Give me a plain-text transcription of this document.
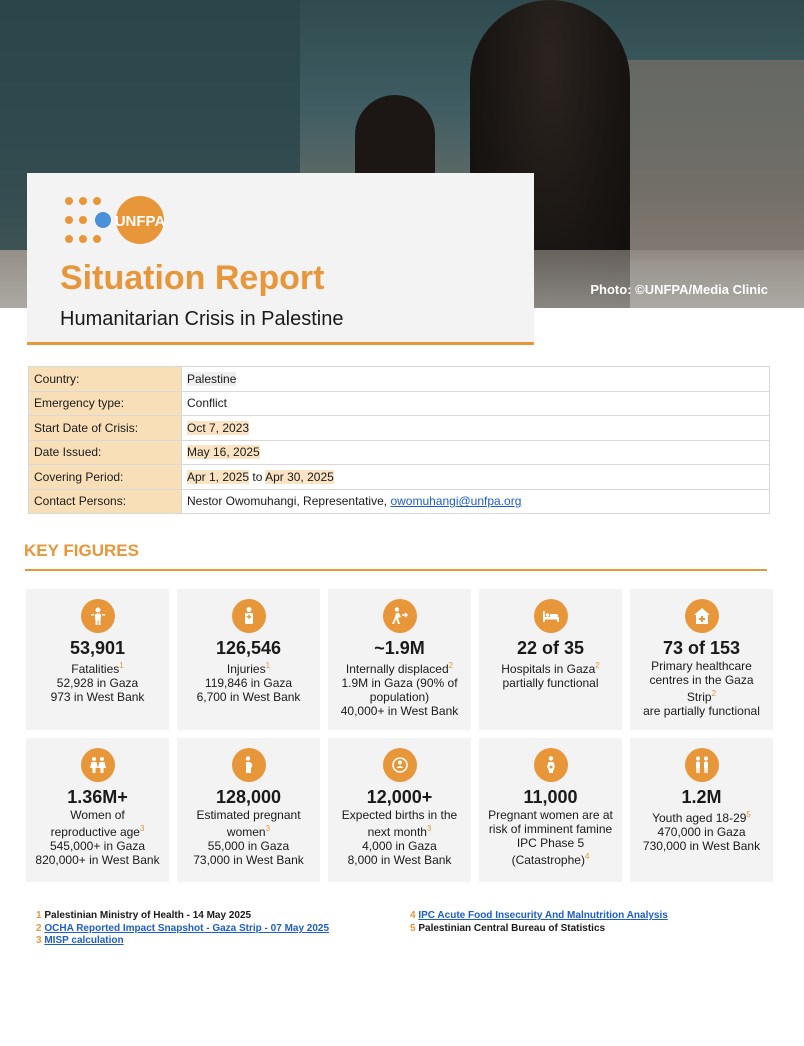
Photo: ©UNFPA/Media Clinic
UNFPA
Situation Report
Humanitarian Crisis in Palestine
Country:	Palestine
Emergency type:	Conflict
Start Date of Crisis:	Oct 7, 2023
Date Issued:	May 16, 2025
Covering Period:	Apr 1, 2025 to Apr 30, 2025
Contact Persons:	Nestor Owomuhangi, Representative, owomuhangi@unfpa.org
KEY FIGURES
53,901
Fatalities$^1$
52,928 in Gaza
973 in West Bank
126,546
Injuries$^1$
119,846 in Gaza
6,700 in West Bank
~1.9M
Internally displaced$^2$
1.9M in Gaza (90% of
population)
40,000+ in West Bank
22 of 35
Hospitals in Gaza$^2$
partially functional
73 of 153
Primary healthcare
centres in the Gaza Strip$^2$
are partially functional
1.36M+
Women of
reproductive age$^3$
545,000+ in Gaza
820,000+ in West Bank
128,000
Estimated pregnant
women$^3$
55,000 in Gaza
73,000 in West Bank
12,000+
Expected births in the
next month$^3$
4,000 in Gaza
8,000 in West Bank
11,000
Pregnant women are at
risk of imminent famine
IPC Phase 5
(Catastrophe)$^4$
1.2M
Youth aged $18-29^5$
470,000 in Gaza
730,000 in West Bank
1 Palestinian Ministry of Health - 14 May 2025
2 OCHA Reported Impact Snapshot - Gaza Strip - 07 May 2025
3 MISP calculation
4 IPC Acute Food Insecurity And Malnutrition Analysis
5 Palestinian Central Bureau of Statistics
